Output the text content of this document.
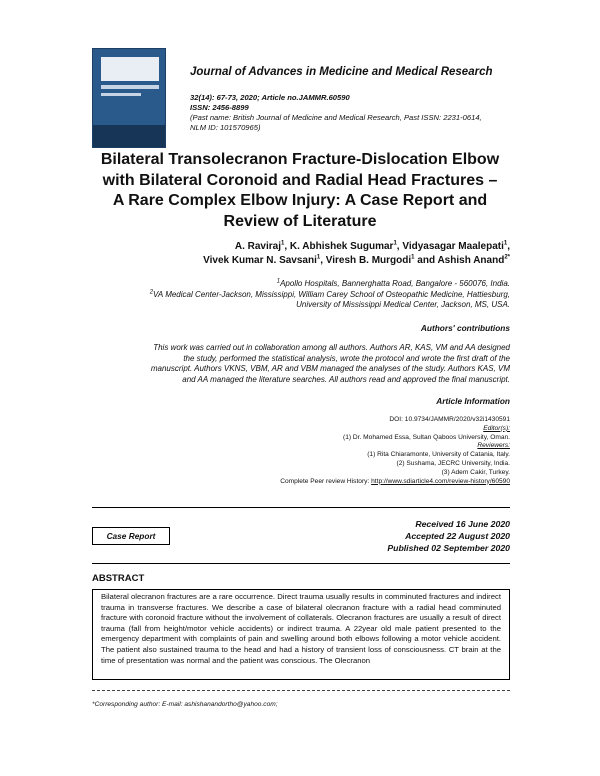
Journal of Advances in Medicine and Medical Research
32(14): 67-73, 2020; Article no.JAMMR.60590
ISSN: 2456-8899
(Past name: British Journal of Medicine and Medical Research, Past ISSN: 2231-0614,
NLM ID: 101570965)
Bilateral Transolecranon Fracture-Dislocation Elbow
with Bilateral Coronoid and Radial Head Fractures –
A Rare Complex Elbow Injury: A Case Report and
Review of Literature
A. Raviraj$^1$, K. Abhishek Sugumar$^1$, Vidyasagar Maalepati$^1$,
Vivek Kumar N. Savsani$^1$, Viresh B. Murgodi$^1$ and Ashish Anand$^{2*}$
$^1$Apollo Hospitals, Bannerghatta Road, Bangalore - 560076, India.
$^2$VA Medical Center-Jackson, Mississippi, William Carey School of Osteopathic Medicine, Hattiesburg,
University of Mississippi Medical Center, Jackson, MS, USA.
Authors' contributions
This work was carried out in collaboration among all authors. Authors AR, KAS, VM and AA designed
the study, performed the statistical analysis, wrote the protocol and wrote the first draft of the
manuscript. Authors VKNS, VBM, AR and VBM managed the analyses of the study. Authors KAS, VM
and AA managed the literature searches. All authors read and approved the final manuscript.
Article Information
DOI: 10.9734/JAMMR/2020/v32i1430591
Editor(s):
(1) Dr. Mohamed Essa, Sultan Qaboos University, Oman.
Reviewers:
(1) Rita Chiaramonte, University of Catania, Italy.
(2) Sushama, JECRC University, India.
(3) Adem Cakir, Turkey.
Complete Peer review History: http://www.sdiarticle4.com/review-history/60590
Case Report
Received 16 June 2020
Accepted 22 August 2020
Published 02 September 2020
ABSTRACT
Bilateral olecranon fractures are a rare occurrence. Direct trauma usually results in comminuted fractures and indirect trauma in transverse fractures. We describe a case of bilateral olecranon fracture with a radial head comminuted fracture with coronoid fracture without the involvement of collaterals. Olecranon fractures are usually a result of direct trauma (fall from height/motor vehicle accidents) or indirect trauma. A 22year old male patient presented to the emergency department with complaints of pain and swelling around both elbows following a motor vehicle accident. The patient also sustained trauma to the head and had a history of transient loss of consciousness. CT brain at the time of presentation was normal and the patient was conscious. The Olecranon
*Corresponding author: E-mail: ashishanandortho@yahoo.com;
